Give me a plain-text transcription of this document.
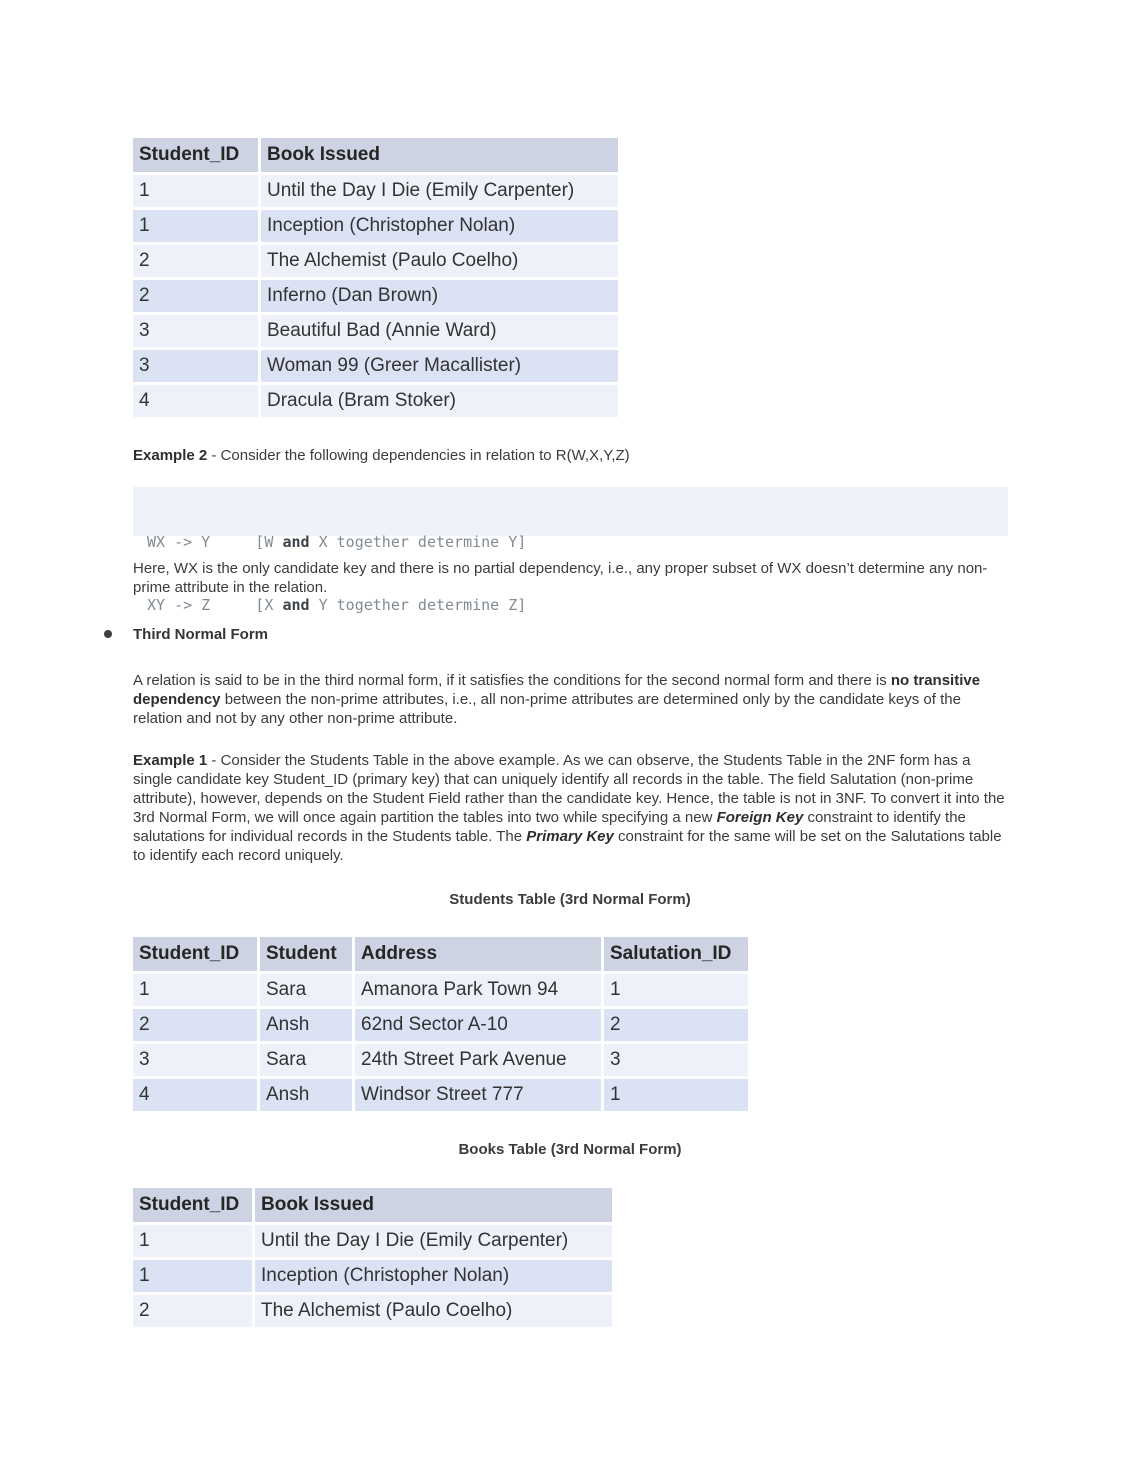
Student_ID	Book Issued
1	Until the Day I Die (Emily Carpenter)
1	Inception (Christopher Nolan)
2	The Alchemist (Paulo Coelho)
2	Inferno (Dan Brown)
3	Beautiful Bad (Annie Ward)
3	Woman 99 (Greer Macallister)
4	Dracula (Bram Stoker)
Example 2 - Consider the following dependencies in relation to R(W,X,Y,Z)

WX -> Y     [W and X together determine Y]

XY -> Z     [X and Y together determine Z]

Here, WX is the only candidate key and there is no partial dependency, i.e., any proper subset of WX doesn’t determine any non-prime attribute in the relation.
Third Normal Form
A relation is said to be in the third normal form, if it satisfies the conditions for the second normal form and there is no transitive dependency between the non-prime attributes, i.e., all non-prime attributes are determined only by the candidate keys of the relation and not by any other non-prime attribute.
Example 1 - Consider the Students Table in the above example. As we can observe, the Students Table in the 2NF form has a single candidate key Student_ID (primary key) that can uniquely identify all records in the table. The field Salutation (non-prime attribute), however, depends on the Student Field rather than the candidate key. Hence, the table is not in 3NF. To convert it into the 3rd Normal Form, we will once again partition the tables into two while specifying a new Foreign Key constraint to identify the salutations for individual records in the Students table. The Primary Key constraint for the same will be set on the Salutations table to identify each record uniquely.
Students Table (3rd Normal Form)
Student_ID	Student	Address	Salutation_ID
1	Sara	Amanora Park Town 94	1
2	Ansh	62nd Sector A-10	2
3	Sara	24th Street Park Avenue	3
4	Ansh	Windsor Street 777	1
Books Table (3rd Normal Form)
Student_ID	Book Issued
1	Until the Day I Die (Emily Carpenter)
1	Inception (Christopher Nolan)
2	The Alchemist (Paulo Coelho)
